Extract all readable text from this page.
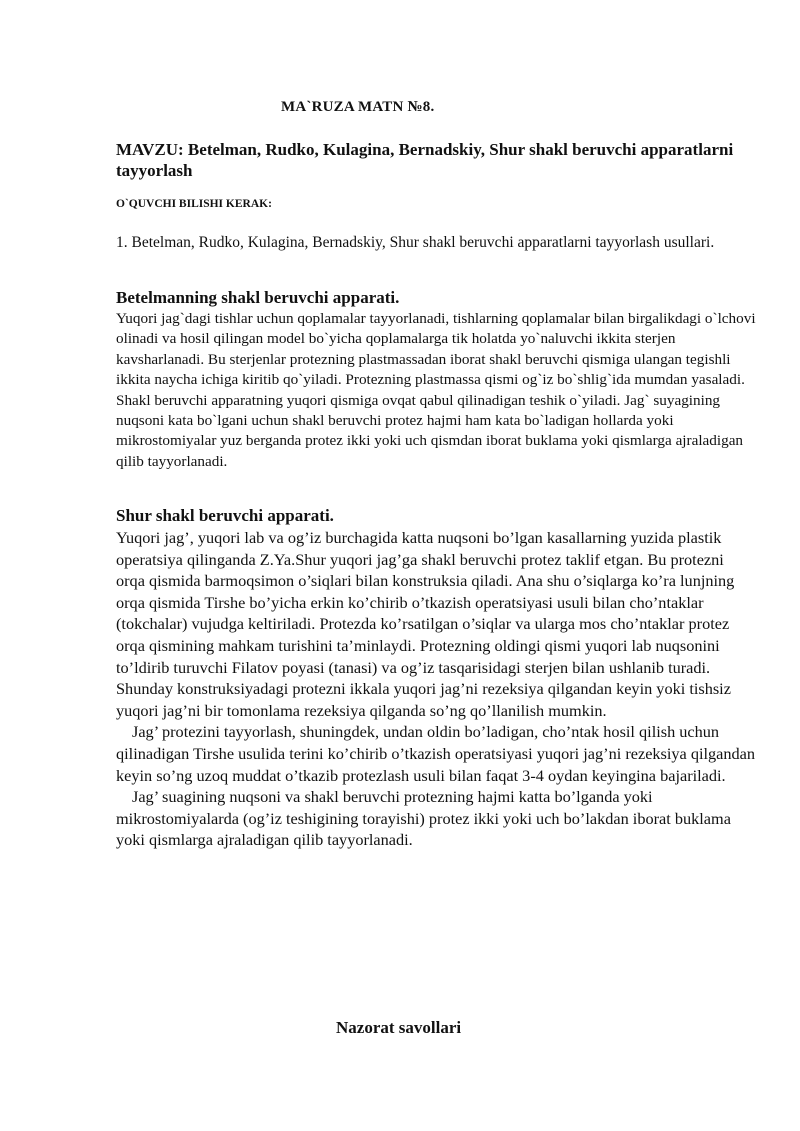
MA`RUZA MATN №8.
MAVZU: Betelman, Rudko, Kulagina, Bernadskiy, Shur shakl beruvchi apparatlarni tayyorlash
O`QUVCHI BILISHI KERAK:
1. Betelman, Rudko, Kulagina, Bernadskiy, Shur shakl beruvchi apparatlarni tayyorlash usullari.
Betelmanning shakl beruvchi apparati.
Yuqori jag`dagi tishlar uchun qoplamalar tayyorlanadi, tishlarning qoplamalar bilan birgalikdagi o`lchovi olinadi va hosil qilingan model bo`yicha qoplamalarga tik holatda yo`naluvchi ikkita sterjen kavsharlanadi. Bu sterjenlar protezning plastmassadan iborat shakl beruvchi qismiga ulangan tegishli ikkita naycha ichiga kiritib qo`yiladi. Protezning plastmassa qismi og`iz bo`shlig`ida mumdan yasaladi. Shakl beruvchi apparatning yuqori qismiga ovqat qabul qilinadigan teshik o`yiladi. Jag` suyagining nuqsoni kata bo`lgani uchun shakl beruvchi protez hajmi ham kata bo`ladigan hollarda yoki mikrostomiyalar yuz berganda protez ikki yoki uch qismdan iborat buklama yoki qismlarga ajraladigan qilib tayyorlanadi.
Shur shakl beruvchi apparati.

Yuqori jag’, yuqori lab va og’iz burchagida katta nuqsoni bo’lgan kasallarning yuzida plastik operatsiya qilinganda Z.Ya.Shur yuqori jag’ga shakl beruvchi protez taklif etgan. Bu protezni orqa qismida barmoqsimon o’siqlari bilan konstruksia qiladi. Ana shu o’siqlarga ko’ra lunjning orqa qismida Tirshe bo’yicha erkin ko’chirib o’tkazish operatsiyasi usuli bilan cho’ntaklar (tokchalar) vujudga keltiriladi. Protezda ko’rsatilgan o’siqlar va ularga mos cho’ntaklar protez orqa qismining mahkam turishini ta’minlaydi. Protezning oldingi qismi yuqori lab nuqsonini to’ldirib turuvchi Filatov poyasi (tanasi) va og’iz tasqarisidagi sterjen bilan ushlanib turadi. Shunday konstruksiyadagi protezni ikkala yuqori jag’ni rezeksiya qilgandan keyin yoki tishsiz yuqori jag’ni bir tomonlama rezeksiya qilganda so’ng qo’llanilish mumkin.

Jag’ protezini tayyorlash, shuningdek, undan oldin bo’ladigan, cho’ntak hosil qilish uchun qilinadigan Tirshe usulida terini ko’chirib o’tkazish operatsiyasi yuqori jag’ni rezeksiya qilgandan keyin so’ng uzoq muddat o’tkazib protezlash usuli bilan faqat 3-4 oydan keyingina bajariladi.

Jag’ suagining nuqsoni va shakl beruvchi protezning hajmi katta bo’lganda yoki mikrostomiyalarda (og’iz teshigining torayishi) protez ikki yoki uch bo’lakdan iborat buklama yoki qismlarga ajraladigan qilib tayyorlanadi.

Nazorat savollari
